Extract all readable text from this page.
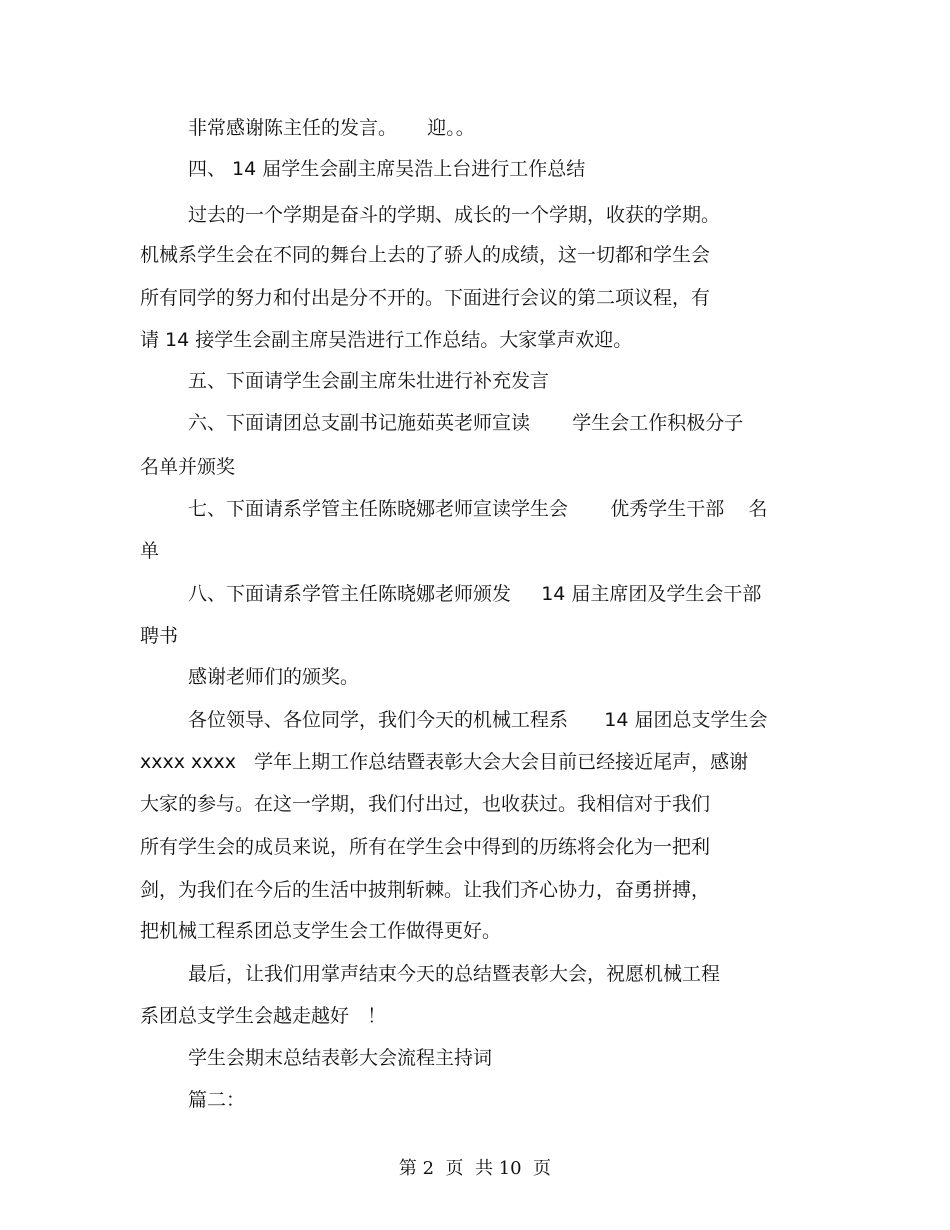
非常感谢陈主任的发言。     迎。。
四、 14 届学生会副主席吴浩上台进行工作总结
过去的一个学期是奋斗的学期、成长的一个学期，收获的学期。
机械系学生会在不同的舞台上去的了骄人的成绩，这一切都和学生会
所有同学的努力和付出是分不开的。下面进行会议的第二项议程，有
请 14 接学生会副主席吴浩进行工作总结。大家掌声欢迎。
五、下面请学生会副主席朱壮进行补充发言
六、下面请团总支副书记施茹英老师宣读       学生会工作积极分子
名单并颁奖
七、下面请系学管主任陈晓娜老师宣读学生会       优秀学生干部    名
单
八、下面请系学管主任陈晓娜老师颁发     14 届主席团及学生会干部
聘书
感谢老师们的颁奖。
各位领导、各位同学，我们今天的机械工程系      14 届团总支学生会
xxxx xxxx   学年上期工作总结暨表彰大会大会目前已经接近尾声，感谢
大家的参与。在这一学期，我们付出过，也收获过。我相信对于我们
所有学生会的成员来说，所有在学生会中得到的历练将会化为一把利
剑，为我们在今后的生活中披荆斩棘。让我们齐心协力，奋勇拼搏，
把机械工程系团总支学生会工作做得更好。
最后，让我们用掌声结束今天的总结暨表彰大会，祝愿机械工程
系团总支学生会越走越好   ！
学生会期末总结表彰大会流程主持词
篇二：
第 2  页  共 10  页
